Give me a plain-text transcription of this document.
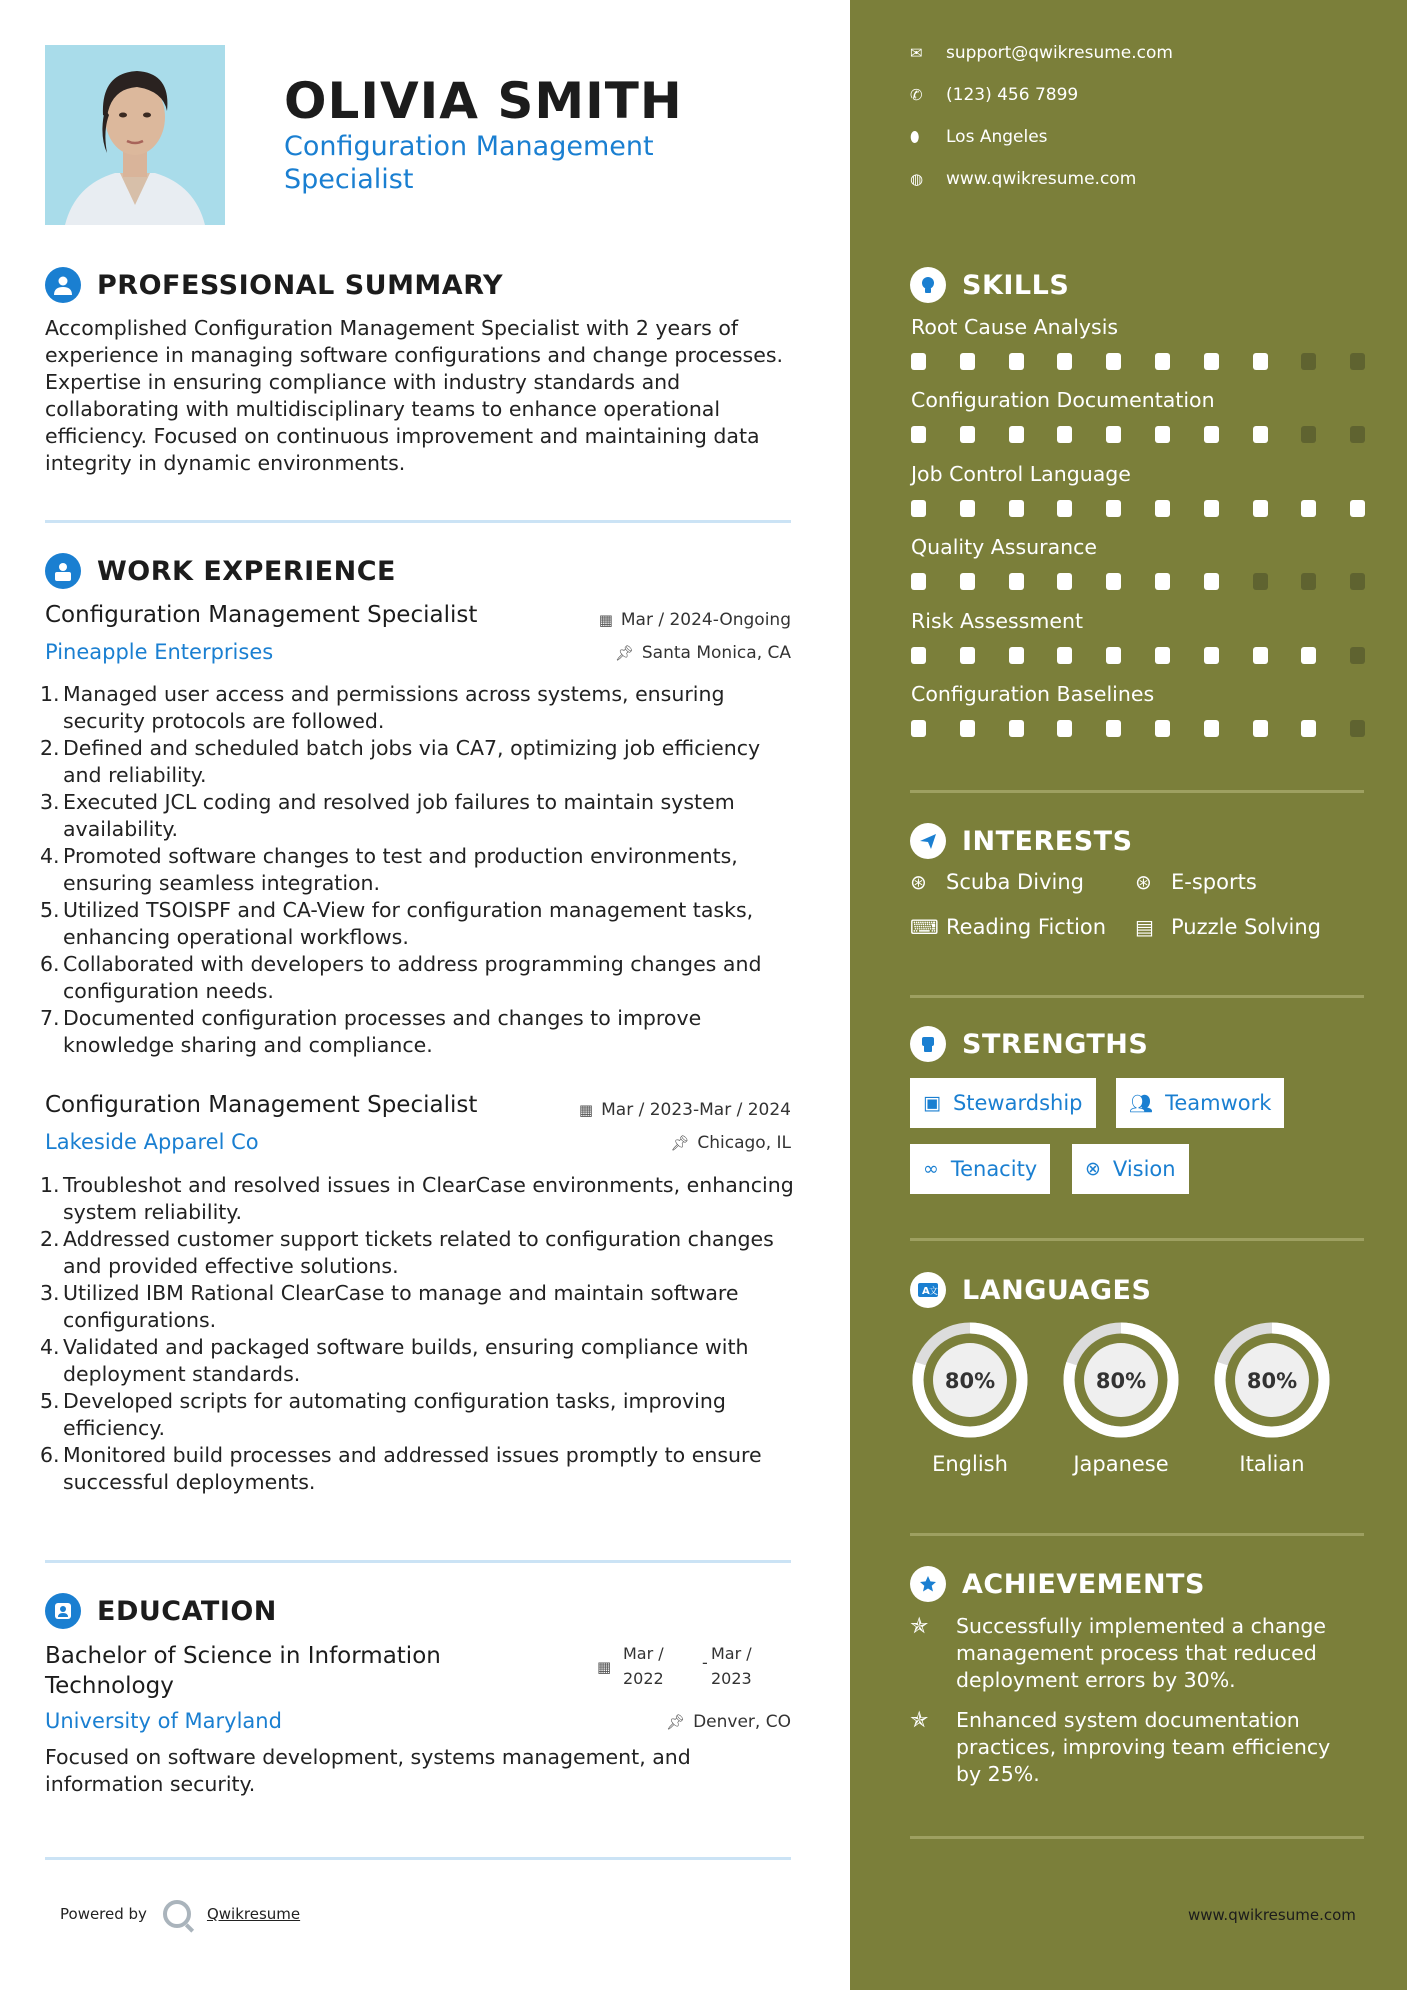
OLIVIA SMITH
Configuration Management Specialist
PROFESSIONAL SUMMARY
Accomplished Configuration Management Specialist with 2 years of experience in managing software configurations and change processes. Expertise in ensuring compliance with industry standards and collaborating with multidisciplinary teams to enhance operational efficiency. Focused on continuous improvement and maintaining data integrity in dynamic environments.
WORK EXPERIENCE
Configuration Management Specialist	▦ Mar / 2024-Ongoing
Pineapple Enterprises	📌︎ Santa Monica, CA
1. Managed user access and permissions across systems, ensuring security protocols are followed.
2. Defined and scheduled batch jobs via CA7, optimizing job efficiency and reliability.
3. Executed JCL coding and resolved job failures to maintain system availability.
4. Promoted software changes to test and production environments, ensuring seamless integration.
5. Utilized TSOISPF and CA-View for configuration management tasks, enhancing operational workflows.
6. Collaborated with developers to address programming changes and configuration needs.
7. Documented configuration processes and changes to improve knowledge sharing and compliance.
Configuration Management Specialist	▦ Mar / 2023-Mar / 2024
Lakeside Apparel Co	📌︎ Chicago, IL
1. Troubleshot and resolved issues in ClearCase environments, enhancing system reliability.
2. Addressed customer support tickets related to configuration changes and provided effective solutions.
3. Utilized IBM Rational ClearCase to manage and maintain software configurations.
4. Validated and packaged software builds, ensuring compliance with deployment standards.
5. Developed scripts for automating configuration tasks, improving efficiency.
6. Monitored build processes and addressed issues promptly to ensure successful deployments.
EDUCATION
Bachelor of Science in Information Technology
▦
Mar / 2022
- Mar / 2023
University of Maryland	📌︎ Denver, CO
Focused on software development, systems management, and information security.
Powered by	Qwikresume
✉	support@qwikresume.com
✆	(123) 456 7899
⬮	Los Angeles
◍	www.qwikresume.com
SKILLS
Root Cause Analysis
Configuration Documentation
Job Control Language
Quality Assurance
Risk Assessment
Configuration Baselines
INTERESTS
⊛ Scuba Diving	⊛ E-sports
⌨ Reading Fiction ▤ Puzzle Solving
STRENGTHS
▣ Stewardship 👥︎ Teamwork
∞ Tenacity	⊗ Vision
A 文 LANGUAGES
80%
English
80%
Japanese
80%
Italian
ACHIEVEMENTS
✯	Successfully implemented a change management process that reduced deployment errors by 30%.
✯	Enhanced system documentation practices, improving team efficiency by 25%.
www.qwikresume.com
